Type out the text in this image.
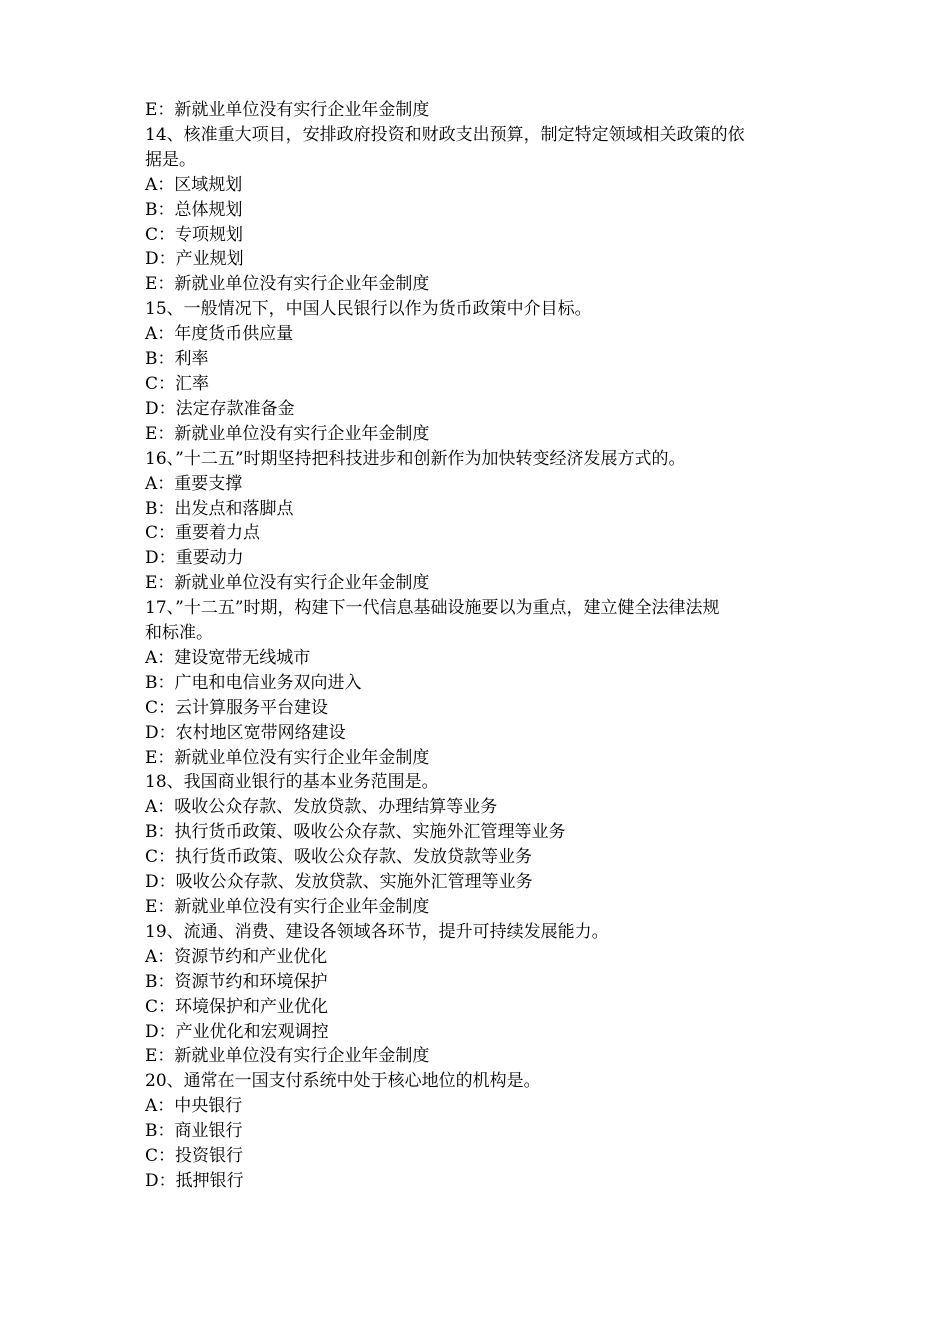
E：新就业单位没有实行企业年金制度

14、核准重大项目，安排政府投资和财政支出预算，制定特定领域相关政策的依

据是。

A：区域规划

B：总体规划

C：专项规划

D：产业规划

E：新就业单位没有实行企业年金制度

15、一般情况下，中国人民银行以作为货币政策中介目标。

A：年度货币供应量

B：利率

C：汇率

D：法定存款准备金

E：新就业单位没有实行企业年金制度

16、”十二五”时期坚持把科技进步和创新作为加快转变经济发展方式的。

A：重要支撑

B：出发点和落脚点

C：重要着力点

D：重要动力

E：新就业单位没有实行企业年金制度

17、”十二五”时期，构建下一代信息基础设施要以为重点，建立健全法律法规

和标准。

A：建设宽带无线城市

B：广电和电信业务双向进入

C：云计算服务平台建设

D：农村地区宽带网络建设

E：新就业单位没有实行企业年金制度

18、我国商业银行的基本业务范围是。

A：吸收公众存款、发放贷款、办理结算等业务

B：执行货币政策、吸收公众存款、实施外汇管理等业务

C：执行货币政策、吸收公众存款、发放贷款等业务

D：吸收公众存款、发放贷款、实施外汇管理等业务

E：新就业单位没有实行企业年金制度

19、流通、消费、建设各领域各环节，提升可持续发展能力。

A：资源节约和产业优化

B：资源节约和环境保护

C：环境保护和产业优化

D：产业优化和宏观调控

E：新就业单位没有实行企业年金制度

20、通常在一国支付系统中处于核心地位的机构是。

A：中央银行

B：商业银行

C：投资银行

D：抵押银行
